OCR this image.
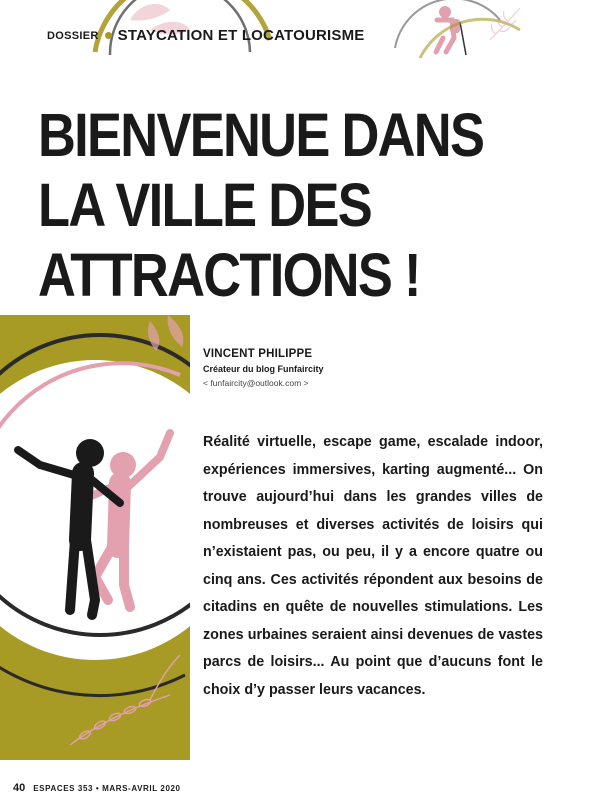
DOSSIER STAYCATION ET LOCATOURISME
BIENVENUE DANS
LA VILLE DES
ATTRACTIONS !
VINCENT PHILIPPE
Créateur du blog Funfaircity
< funfaircity@outlook.com >

Réalité virtuelle, escape game, escalade indoor, expériences immersives, karting augmenté... On trouve aujourd’hui dans les grandes villes de nombreuses et diverses activités de loisirs qui n’existaient pas, ou peu, il y a encore quatre ou cinq ans. Ces activités répondent aux besoins de citadins en quête de nouvelles stimulations. Les zones urbaines seraient ainsi devenues de vastes parcs de loisirs... Au point que d’aucuns font le choix d’y passer leurs vacances.

40 ESPACES 353 • MARS-AVRIL 2020
